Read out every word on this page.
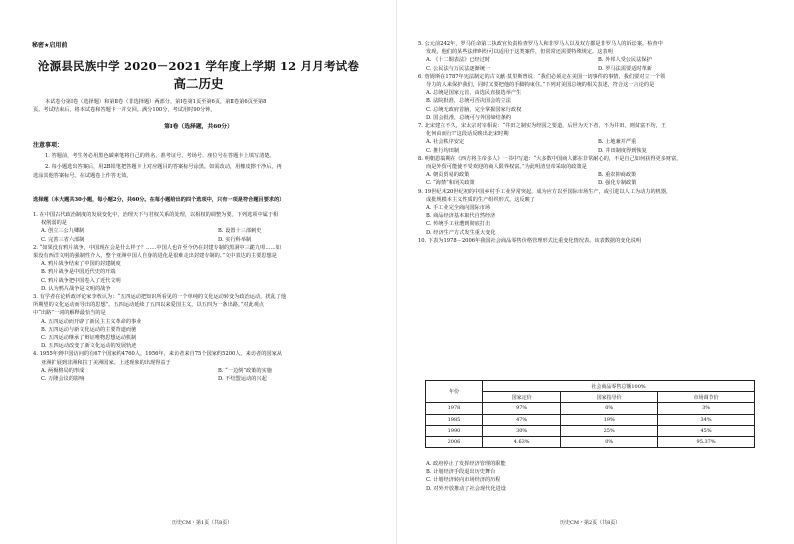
秘密★启用前
沧源县民族中学 2020－2021 学年度上学期 12 月月考试卷
高二历史
本试卷分第Ⅰ卷（选择题）和第Ⅱ卷（非选择题）两部分。第Ⅰ卷第1页至第6页，第Ⅱ卷第6页至第8
页。考试结束后，将本试卷和答题卡一并交回。满分100分，考试用时90分钟。
第Ⅰ卷（选择题，共60分）
注意事项：
1. 答题前，考生务必用黑色碳素笔将自己的姓名、准考证号、考场号、座位号在答题卡上填写清楚。
2. 每小题选出答案后，用2B铅笔把答题卡上对应题目的答案标号涂黑。如需改动，用橡皮擦干净后，再
选涂其他答案标号。在试题卷上作答无效。
选择题（本大题共30小题，每小题2分，共60分。在每小题给出的四个选项中，只有一项是符合题目要求的）
1. 在中国古代政治制度的发展变化中，治理天下与君权关系的处理，以相权的调整为要。下列选项中属于相
权削弱的是
A. 创立三公九卿制	B. 设置十三部刺史
C. 完善三省六部制	D. 实行科举制
2. “如果没有鸦片战争，中国现在会是什么样子？……中国人也许至今仍在封建专制的黑洞中三跪九叩……如
果没有西洋文明的强制性介入，整个亚洲中国人自身的进化是很难走出封建专制的。”文中表达的主要思想是
A. 鸦片战争结束了中国的封建制度
B. 鸦片战争是中国近代史的开端
C. 鸦片战争把中国卷入了近代文明
D. 认为鸦片战争是文明的战争
3. 有学者在论析政评论家李敖认为：“五四运动把知识所看见的一个单纯的文化运动转变为政治运动，扰乱了他
所期望的文化运动而导出的思想”。五四运动延续了五四以来爱国主义，以五四为一条出路。”对此观点
中“出路”一词的解释最恰当的是
A. 五四运动而开辟了新民主主义革命的事业
B. 五四运动与新文化运动的主要背道而驰
C. 五四运动继承了辩证唯物思想运动机制
D. 五四运动改变了新文化运动的发展轨迹
4. 1955年到中国访问的有67个国家约4760人，1956年，来访者来自75个国家约5200人。来访者的国家从
亚洲扩展到非洲和拉丁美洲国家。上述现象的出现得益于
A. 两极格局的形成	B. “一边倒”政策的实施
C. 万隆会议的影响	D. 不结盟运动的兴起
历史CM・第1页（共8页）
5. 公元前242年，罗马任命第二执政官负责检查罗马人和非罗马人以及双方都是非罗马人的诉讼案。检查中
发现，他们的某些法律纠纷可以适用于这类案件，但常常还需要特殊规定。这表明
A. 《十二铜表法》已经过时	B. 外邦人受公民法保护
C. 公民法与万民法逐渐统一	D. 罗马法需要适时革新
6. 詹姆斯在1787年宪法制定的古文献·莫里斯曾说：“我们必须走在美国一切事件的事情，我们要对立一个领
导力的人来保护我们，同时又要把他的手脚拘束住。”下列对美国总统的相关表述，符合这一言论的是
A. 总统是国家元首，由选民直接选举产生
B. 法院批准，总统可否决国会的立法
C. 总统无政府首脑，完全掌握国家行政权
D. 国会批准，总统可与外国缔结条约
7. 北宋建立不久，宋太宗对宰相说：“井田之制实为经国之要道，后世为天下者，不为井田，则贫富不均，王
化何由而行!”这段话反映出北宋时期
A. 社会秩序安定	B. 土地兼并严重
C. 推行均田制	D. 井田制度得到恢复
8. 明朝恩翁期在《西方将主帝多人》一书中写道：“大多数中国商人都在非常耐心的，不是自己如何获得更多财富，
而是外贸可能使不受欢迎的商人限界权富。”为此明清皇帝采取的政策是
A. 朝贡贸易的政策	B. 重农抑商政策
C. “海禁”和闭关政策	D. 强化专制政策
9. 19世纪末20世纪初的中国乡村手工业异常突起，成为应方以至国际市场生产，或引进以人工为动力的机器，
成批规模本主义性质的生产组织形式。这反映了
A. 手工业完全商向国际市场
B. 商品经济基本取代自然经济
C. 传统手工业遭到彻底打击
D. 经济生产方式发生重大变化
10. 下表为1978－2006年我国社会商品零售价格管理形式比重变化情况表。该表数据的变化说明
年份	社会商品零售总额100%		
	国家定价	国家指导价	市场调节价
1978	97%	0%	3%
1985	47%	19%	34%
1990	30%	25%	45%
2006	4.63%	0%	95.37%
A. 政府停止了发挥经济管理的职能
B. 计划经济手段退出历史舞台
C. 计划经济转向市场经济的历程
D. 对外开放推动了社会现代化进设
历史CM・第2页（共8页）
